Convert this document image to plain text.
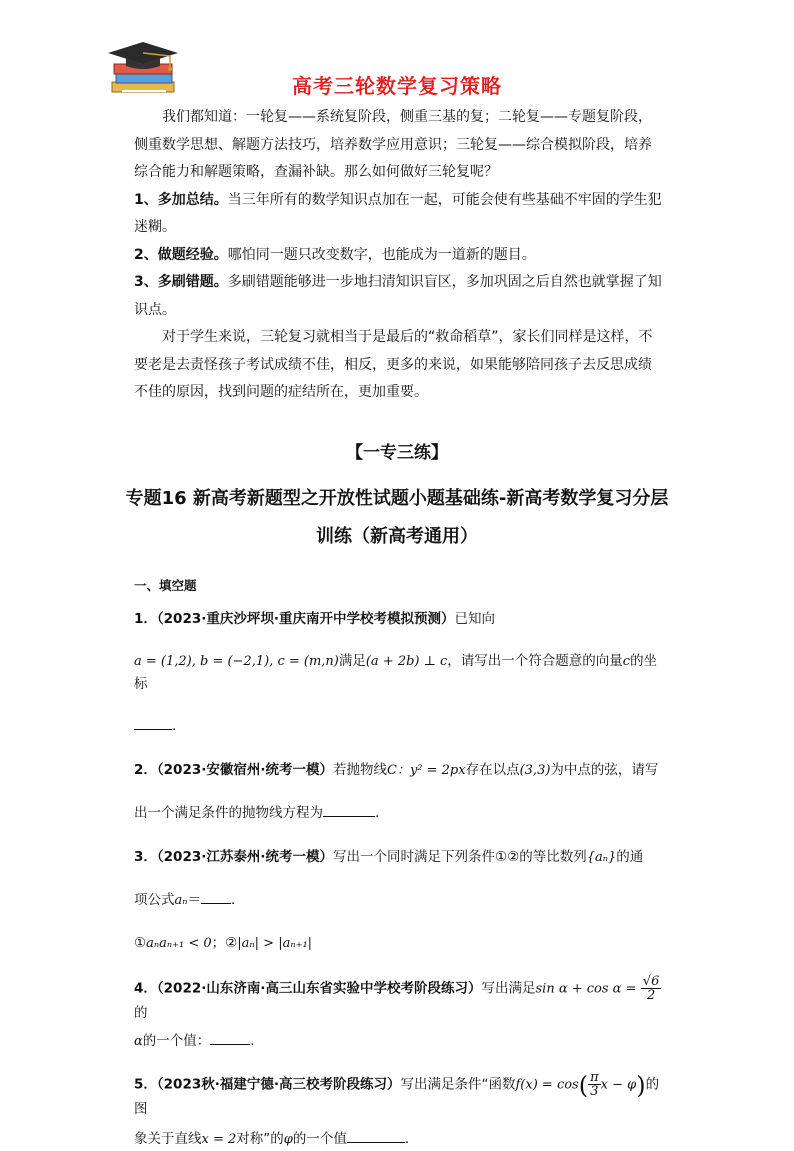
高考三轮数学复习策略

我们都知道：一轮复——系统复阶段，侧重三基的复；二轮复——专题复阶段，侧重数学思想、解题方法技巧，培养数学应用意识；三轮复——综合模拟阶段，培养综合能力和解题策略，查漏补缺。那么如何做好三轮复呢？

1、多加总结。当三年所有的数学知识点加在一起，可能会使有些基础不牢固的学生犯迷糊。

2、做题经验。哪怕同一题只改变数字，也能成为一道新的题目。

3、多刷错题。多刷错题能够进一步地扫清知识盲区，多加巩固之后自然也就掌握了知识点。

对于学生来说，三轮复习就相当于是最后的“救命稻草”，家长们同样是这样，不要老是去责怪孩子考试成绩不佳，相反，更多的来说，如果能够陪同孩子去反思成绩不佳的原因，找到问题的症结所在，更加重要。

【一专三练】
专题16 新高考新题型之开放性试题小题基础练-新高考数学复习分层训练（新高考通用）
一、填空题
1．（2023·重庆沙坪坝·重庆南开中学校考模拟预测）已知向
a = (1,2), b = (−2,1), c = (m,n)满足(a + 2b) ⊥ c，请写出一个符合题意的向量c的坐标
.
2．（2023·安徽宿州·统考一模）若抛物线C：y² = 2px存在以点(3,3)为中点的弦，请写
出一个满足条件的抛物线方程为	.
3．（2023·江苏泰州·统考一模）写出一个同时满足下列条件①②的等比数列{aₙ}的通
项公式aₙ＝ ．
①aₙaₙ₊₁ < 0；②|aₙ| > |aₙ₊₁|
4．（2022·山东济南·高三山东省实验中学校考阶段练习）写出满足$\sin \alpha + \cos \alpha = \frac{√6}{2}$
的
α的一个值：	.
5．（2023秋·福建宁德·高三校考阶段练习）写出满足条件“函数$f(x) = \cos( \frac{\pi}{3}$ x − φ)的图
象关于直线x = 2对称”的φ的一个值	．
